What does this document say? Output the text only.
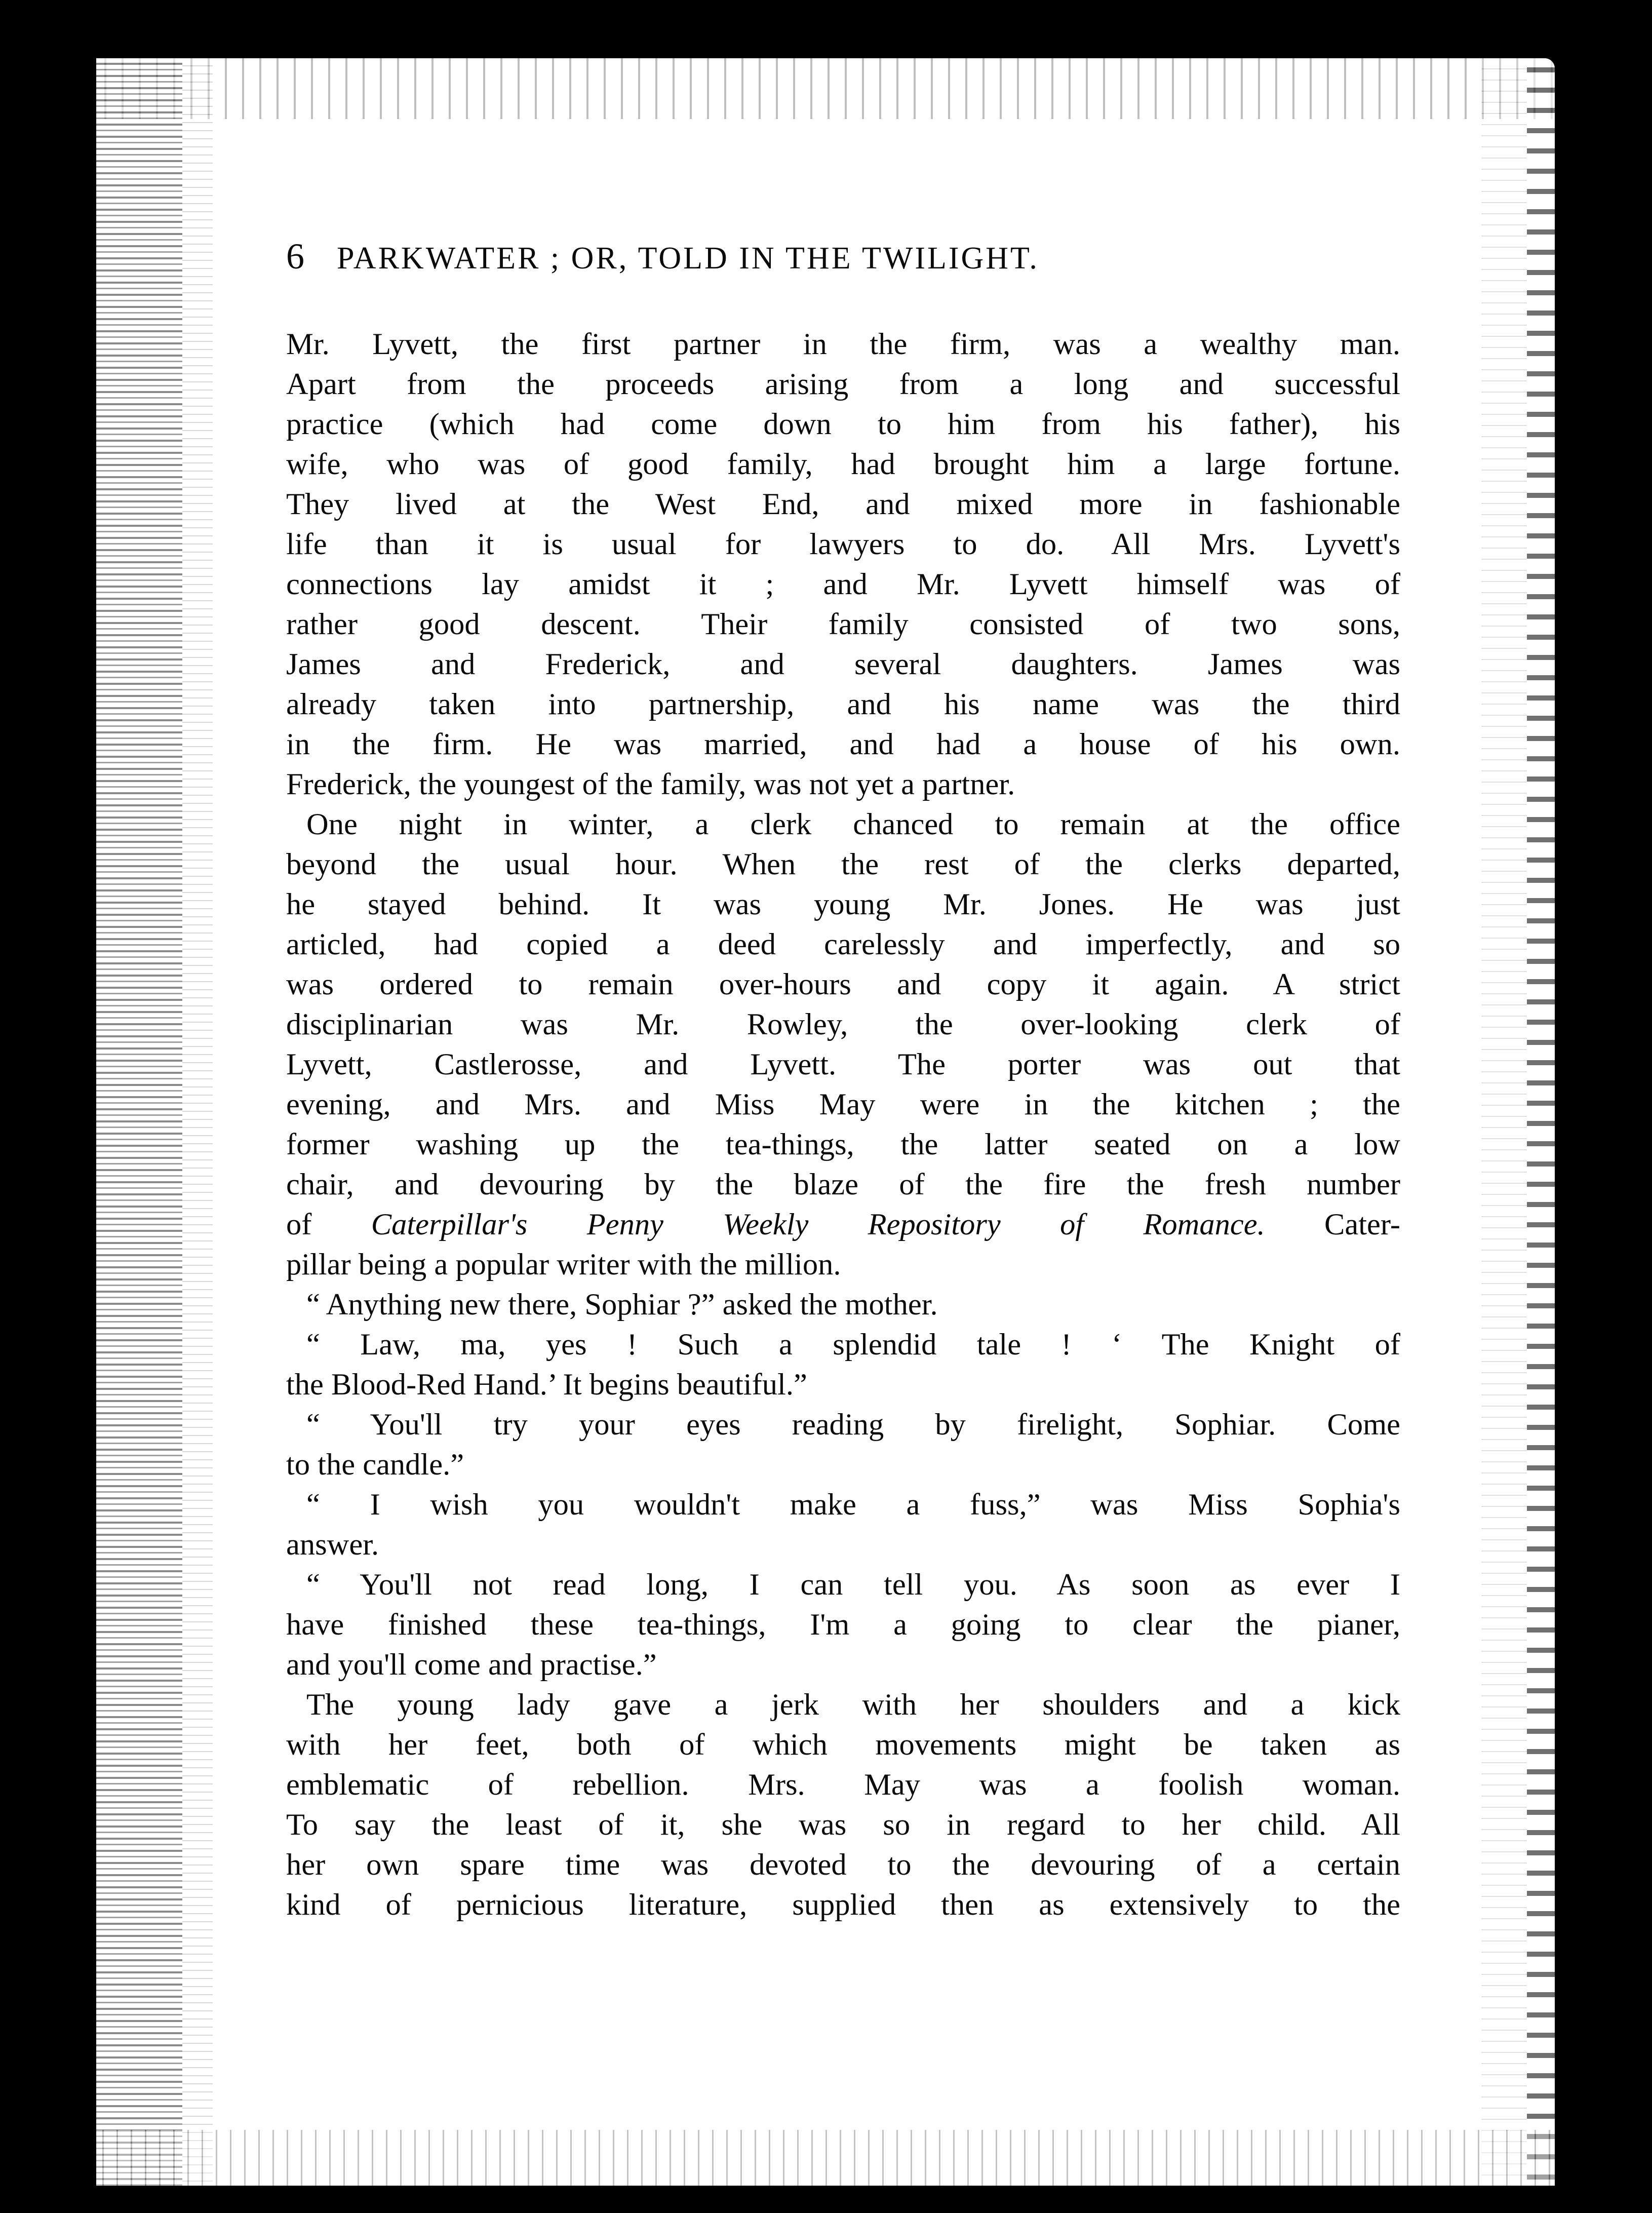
6 PARKWATER ; OR, TOLD IN THE TWILIGHT.
Mr. Lyvett, the first partner in the firm, was a wealthy man.
Apart from the proceeds arising from a long and successful
practice (which had come down to him from his father), his
wife, who was of good family, had brought him a large fortune.
They lived at the West End, and mixed more in fashionable
life than it is usual for lawyers to do. All Mrs. Lyvett's
connections lay amidst it ; and Mr. Lyvett himself was of
rather good descent. Their family consisted of two sons,
James and Frederick, and several daughters. James was
already taken into partnership, and his name was the third
in the firm. He was married, and had a house of his own.
Frederick, the youngest of the family, was not yet a partner.
One night in winter, a clerk chanced to remain at the office
beyond the usual hour. When the rest of the clerks departed,
he stayed behind. It was young Mr. Jones. He was just
articled, had copied a deed carelessly and imperfectly, and so
was ordered to remain over-hours and copy it again. A strict
disciplinarian was Mr. Rowley, the over-looking clerk of
Lyvett, Castlerosse, and Lyvett. The porter was out that
evening, and Mrs. and Miss May were in the kitchen ; the
former washing up the tea-things, the latter seated on a low
chair, and devouring by the blaze of the fire the fresh number
of Caterpillar's Penny Weekly Repository of Romance. Cater-
pillar being a popular writer with the million.
“ Anything new there, Sophiar ?” asked the mother.
“ Law, ma, yes ! Such a splendid tale ! ‘ The Knight of
the Blood-Red Hand.’ It begins beautiful.”
“ You'll try your eyes reading by firelight, Sophiar. Come
to the candle.”
“ I wish you wouldn't make a fuss,” was Miss Sophia's
answer.
“ You'll not read long, I can tell you. As soon as ever I
have finished these tea-things, I'm a going to clear the pianer,
and you'll come and practise.”
The young lady gave a jerk with her shoulders and a kick
with her feet, both of which movements might be taken as
emblematic of rebellion. Mrs. May was a foolish woman.
To say the least of it, she was so in regard to her child. All
her own spare time was devoted to the devouring of a certain
kind of pernicious literature, supplied then as extensively to the
